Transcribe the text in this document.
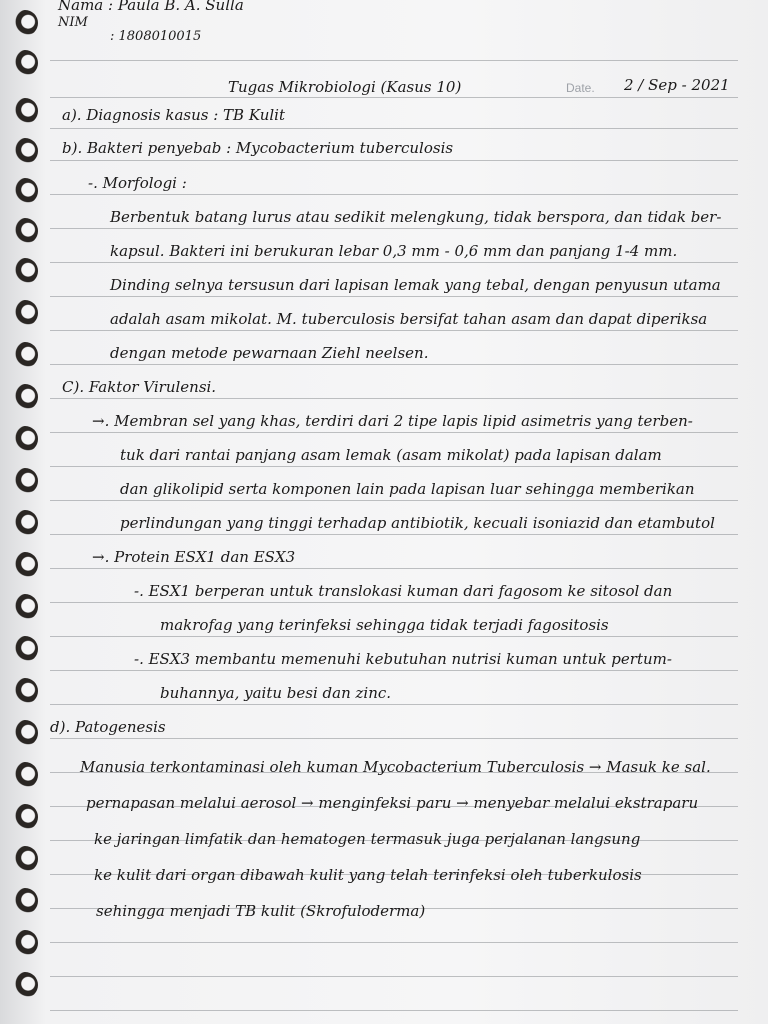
Nama : Paula B. A. Sulla
NIM
: 1808010015
Tugas Mikrobiologi (Kasus 10)	Date. 2 / Sep - 2021
a). Diagnosis kasus : TB Kulit
b). Bakteri penyebab : Mycobacterium tuberculosis
-. Morfologi :
Berbentuk batang lurus atau sedikit melengkung, tidak berspora, dan tidak ber-
kapsul. Bakteri ini berukuran lebar 0,3 mm - 0,6 mm dan panjang 1-4 mm.
Dinding selnya tersusun dari lapisan lemak yang tebal, dengan penyusun utama
adalah asam mikolat. M. tuberculosis bersifat tahan asam dan dapat diperiksa
dengan metode pewarnaan Ziehl neelsen.
C). Faktor Virulensi.
→. Membran sel yang khas, terdiri dari 2 tipe lapis lipid asimetris yang terben-
tuk dari rantai panjang asam lemak (asam mikolat) pada lapisan dalam
dan glikolipid serta komponen lain pada lapisan luar sehingga memberikan
perlindungan yang tinggi terhadap antibiotik, kecuali isoniazid dan etambutol
→. Protein ESX1 dan ESX3
-. ESX1 berperan untuk translokasi kuman dari fagosom ke sitosol dan
makrofag yang terinfeksi sehingga tidak terjadi fagositosis
-. ESX3 membantu memenuhi kebutuhan nutrisi kuman untuk pertum-
buhannya, yaitu besi dan zinc.
d). Patogenesis
Manusia terkontaminasi oleh kuman Mycobacterium Tuberculosis → Masuk ke sal.
pernapasan melalui aerosol → menginfeksi paru → menyebar melalui ekstraparu
ke jaringan limfatik dan hematogen termasuk juga perjalanan langsung
ke kulit dari organ dibawah kulit yang telah terinfeksi oleh tuberkulosis
sehingga menjadi TB kulit (Skrofuloderma)
